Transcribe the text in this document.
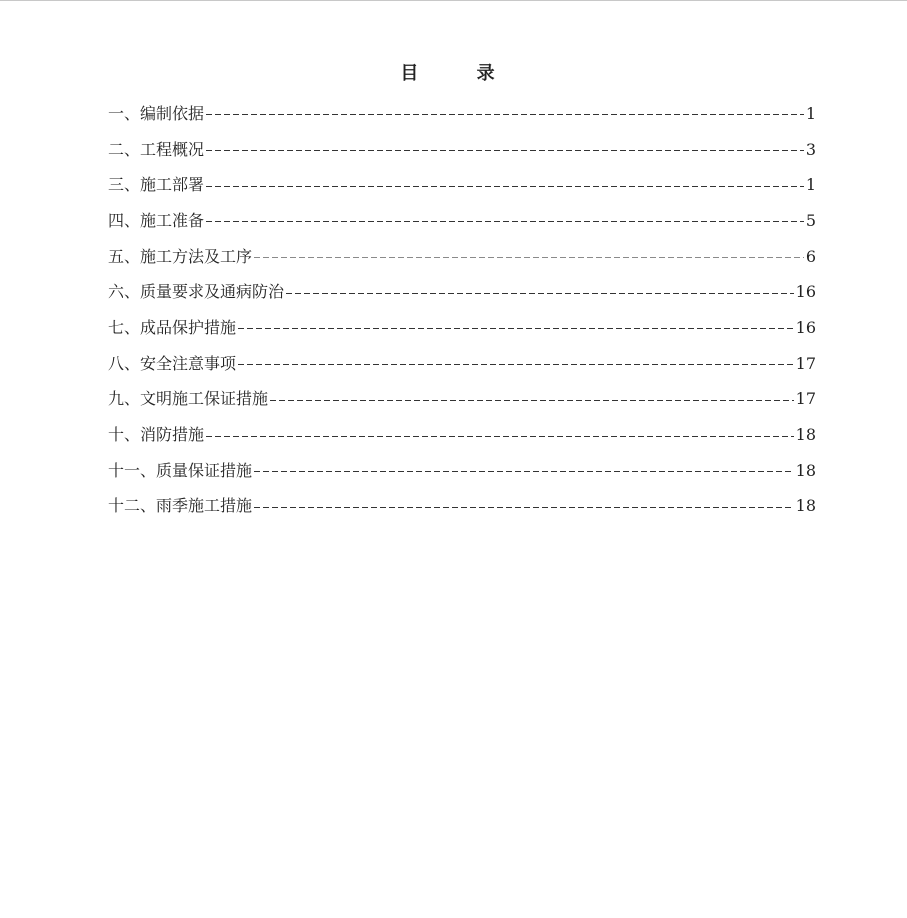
目 录
一、编制依据	1
二、工程概况	3
三、施工部署	1
四、施工准备	5
五、施工方法及工序	6
六、质量要求及通病防治	16
七、成品保护措施	16
八、安全注意事项	17
九、文明施工保证措施	17
十、消防措施	18
十一、质量保证措施	18
十二、雨季施工措施	18
